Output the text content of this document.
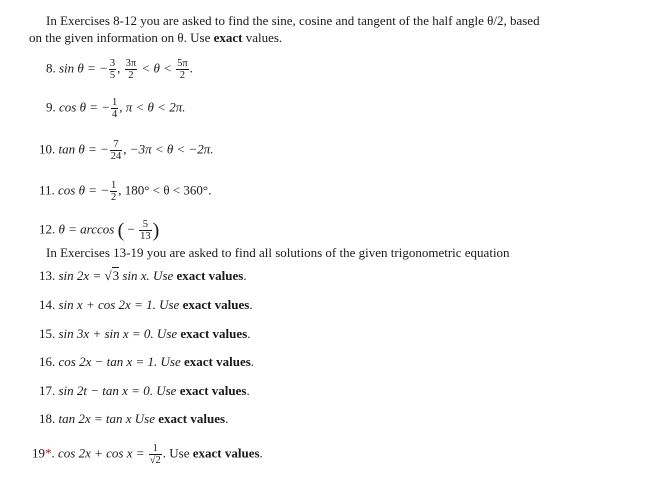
In Exercises 8-12 you are asked to find the sine, cosine and tangent of the half angle θ/2, based
on the given information on θ. Use exact values.
8. sin θ = − $\frac{3}{5}$ , $\frac{3\pi}{2} < \theta < \frac{5\pi}{2}$ .
9. cos θ = − $\frac{1}{4}$ , π < θ < 2π.
10. tan θ = − $\frac{7}{24}$ , −3π < θ < −2π.
11. cos θ = − $\frac{1}{2}$ , 180° < θ < 360°.
12. θ = arccos ( − $\frac{5}{13}$ )
In Exercises 13-19 you are asked to find all solutions of the given trigonometric equation
13. sin 2x = √3 sin x. Use exact values.
14. sin x + cos 2x = 1. Use exact values.
15. sin 3x + sin x = 0. Use exact values.
16. cos 2x − tan x = 1. Use exact values.
17. sin 2t − tan x = 0. Use exact values.
18. tan 2x = tan x Use exact values.
19*. $\cos 2x + \cos x = \frac{1}{√2}$ . Use exact values.
